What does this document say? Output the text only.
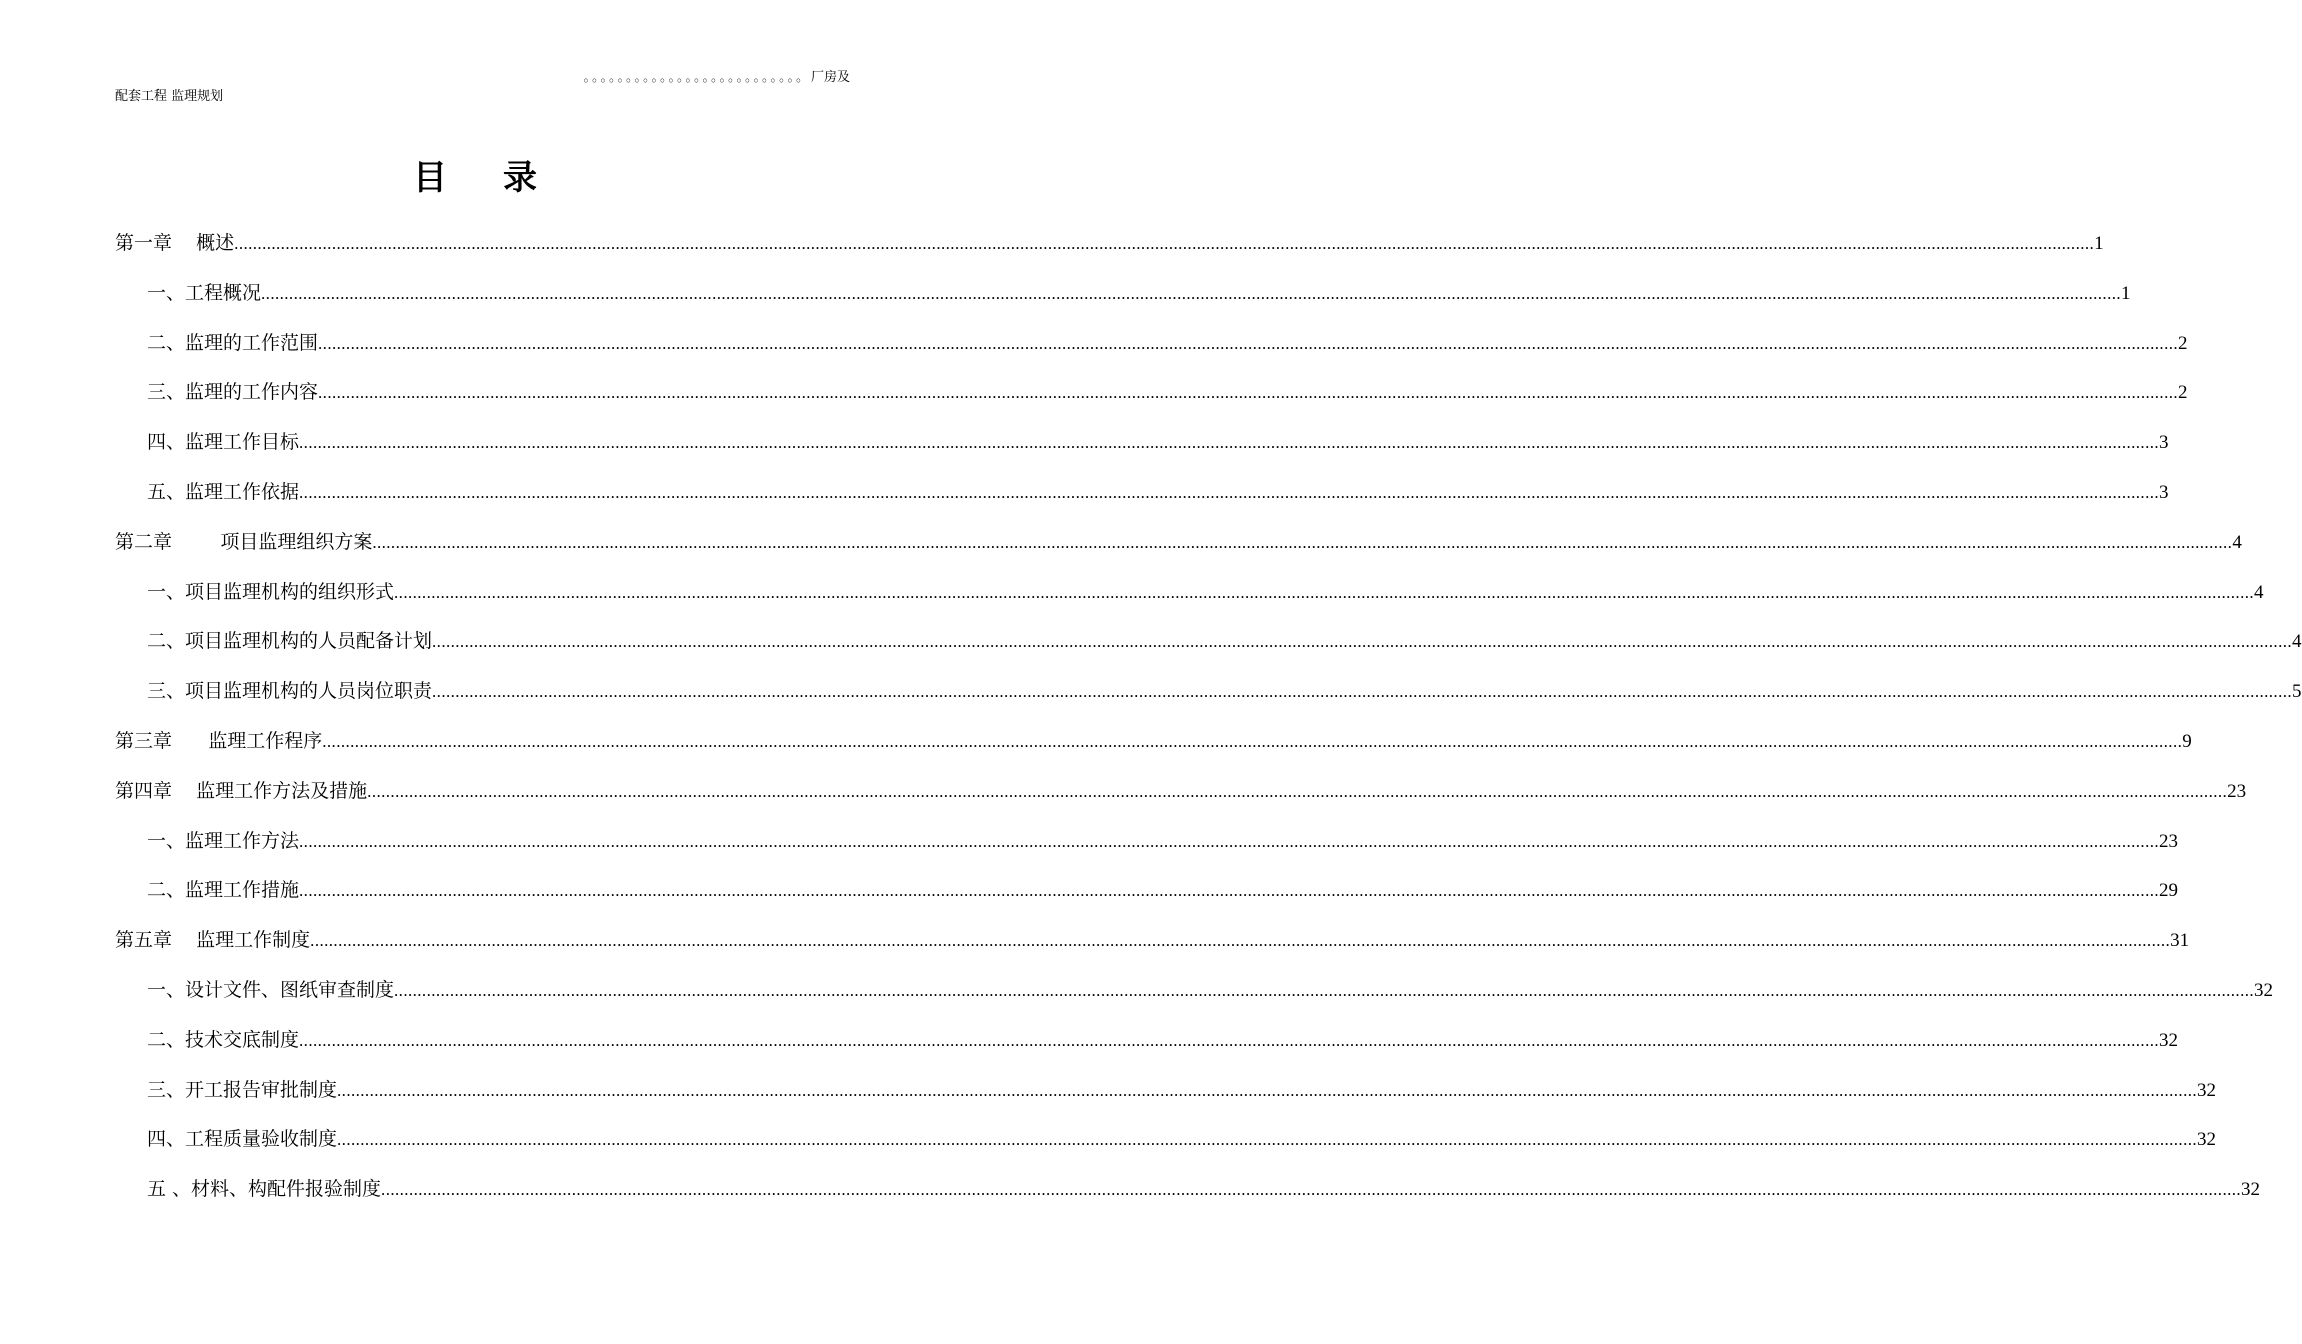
。。。。。。。。。。。。。。。。。。。。。。。。。。厂房及
配套工程 监理规划
目录
第一章    概述 ................................................................................................................................................................................................................................................................................................................................................................................................................ 1
一、工程概况 ................................................................................................................................................................................................................................................................................................................................................................................................................ 1
二、监理的工作范围 ................................................................................................................................................................................................................................................................................................................................................................................................................ 2
三、监理的工作内容 ................................................................................................................................................................................................................................................................................................................................................................................................................ 2
四、监理工作目标 ................................................................................................................................................................................................................................................................................................................................................................................................................ 3
五、监理工作依据 ................................................................................................................................................................................................................................................................................................................................................................................................................ 3
第二章        项目监理组织方案 ................................................................................................................................................................................................................................................................................................................................................................................................................ 4
一、项目监理机构的组织形式 ................................................................................................................................................................................................................................................................................................................................................................................................................ 4
二、项目监理机构的人员配备计划 ................................................................................................................................................................................................................................................................................................................................................................................................................ 4
三、项目监理机构的人员岗位职责 ................................................................................................................................................................................................................................................................................................................................................................................................................ 5
第三章      监理工作程序 ................................................................................................................................................................................................................................................................................................................................................................................................................ 9
第四章    监理工作方法及措施 ................................................................................................................................................................................................................................................................................................................................................................................................................ 23
一、监理工作方法 ................................................................................................................................................................................................................................................................................................................................................................................................................ 23
二、监理工作措施 ................................................................................................................................................................................................................................................................................................................................................................................................................ 29
第五章    监理工作制度 ................................................................................................................................................................................................................................................................................................................................................................................................................ 31
一、设计文件、图纸审查制度 ................................................................................................................................................................................................................................................................................................................................................................................................................ 32
二、技术交底制度 ................................................................................................................................................................................................................................................................................................................................................................................................................ 32
三、开工报告审批制度 ................................................................................................................................................................................................................................................................................................................................................................................................................ 32
四、工程质量验收制度 ................................................................................................................................................................................................................................................................................................................................................................................................................ 32
五 、材料、构配件报验制度 ................................................................................................................................................................................................................................................................................................................................................................................................................ 32
